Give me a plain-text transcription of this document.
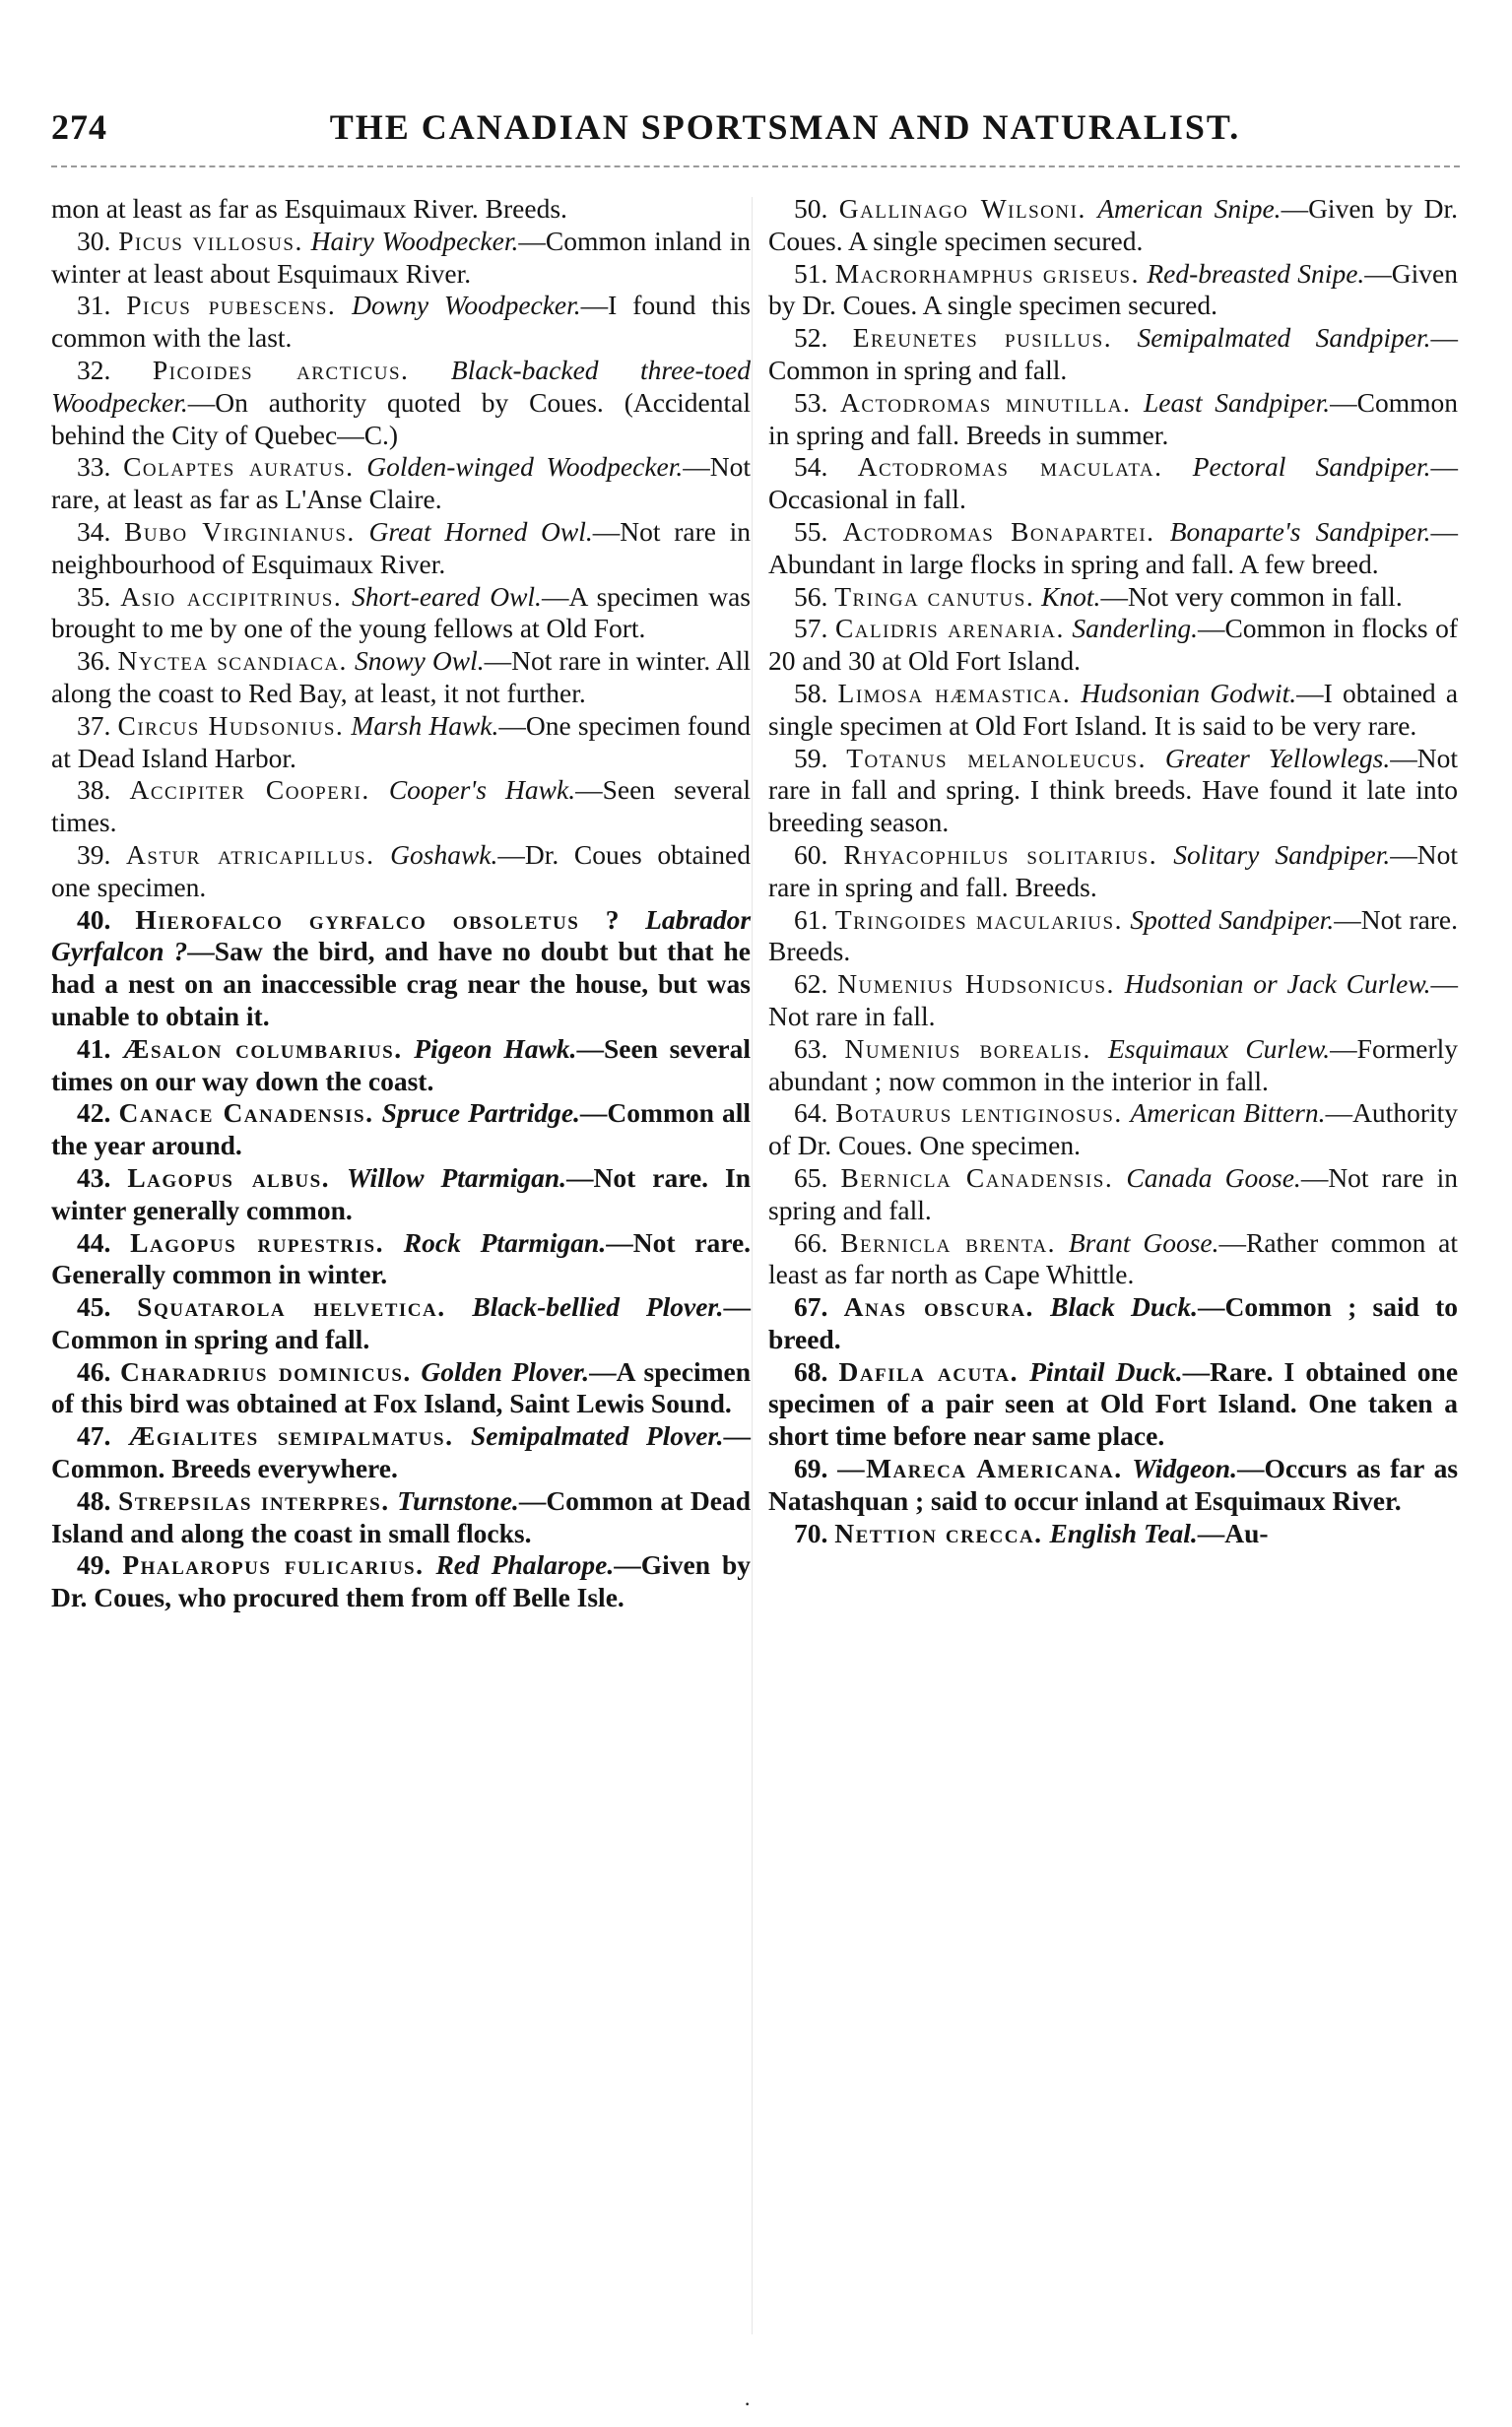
274	THE CANADIAN SPORTSMAN AND NATURALIST.

mon at least as far as Esquimaux River. Breeds.

30. Picus villosus. Hairy Woodpecker.—Common inland in winter at least about Esquimaux River.

31. Picus pubescens. Downy Woodpecker.—I found this common with the last.

32. Picoides arcticus. Black-backed three-toed Woodpecker.—On authority quoted by Coues. (Accidental behind the City of Quebec—C.)

33. Colaptes auratus. Golden-winged Woodpecker.—Not rare, at least as far as L'Anse Claire.

34. Bubo Virginianus. Great Horned Owl.—Not rare in neighbourhood of Esquimaux River.

35. Asio accipitrinus. Short-eared Owl.—A specimen was brought to me by one of the young fellows at Old Fort.

36. Nyctea scandiaca. Snowy Owl.—Not rare in winter. All along the coast to Red Bay, at least, it not further.

37. Circus Hudsonius. Marsh Hawk.—One specimen found at Dead Island Harbor.

38. Accipiter Cooperi. Cooper's Hawk.—Seen several times.

39. Astur atricapillus. Goshawk.—Dr. Coues obtained one specimen.

40. Hierofalco gyrfalco obsoletus ? Labrador Gyrfalcon ?—Saw the bird, and have no doubt but that he had a nest on an inaccessible crag near the house, but was unable to obtain it.

41. Æsalon columbarius. Pigeon Hawk.—Seen several times on our way down the coast.

42. Canace Canadensis. Spruce Partridge.—Common all the year around.

43. Lagopus albus. Willow Ptarmigan.—Not rare. In winter generally common.

44. Lagopus rupestris. Rock Ptarmigan.—Not rare. Generally common in winter.

45. Squatarola helvetica. Black-bellied Plover.—Common in spring and fall.

46. Charadrius dominicus. Golden Plover.—A specimen of this bird was obtained at Fox Island, Saint Lewis Sound.

47. Ægialites semipalmatus. Semipalmated Plover.—Common. Breeds everywhere.

48. Strepsilas interpres. Turnstone.—Common at Dead Island and along the coast in small flocks.

49. Phalaropus fulicarius. Red Phalarope.—Given by Dr. Coues, who procured them from off Belle Isle.

50. Gallinago Wilsoni. American Snipe.—Given by Dr. Coues. A single specimen secured.

51. Macrorhamphus griseus. Red-breasted Snipe.—Given by Dr. Coues. A single specimen secured.

52. Ereunetes pusillus. Semipalmated Sandpiper.—Common in spring and fall.

53. Actodromas minutilla. Least Sandpiper.—Common in spring and fall. Breeds in summer.

54. Actodromas maculata. Pectoral Sandpiper.—Occasional in fall.

55. Actodromas Bonapartei. Bonaparte's Sandpiper.—Abundant in large flocks in spring and fall. A few breed.

56. Tringa canutus. Knot.—Not very common in fall.

57. Calidris arenaria. Sanderling.—Common in flocks of 20 and 30 at Old Fort Island.

58. Limosa hæmastica. Hudsonian Godwit.—I obtained a single specimen at Old Fort Island. It is said to be very rare.

59. Totanus melanoleucus. Greater Yellowlegs.—Not rare in fall and spring. I think breeds. Have found it late into breeding season.

60. Rhyacophilus solitarius. Solitary Sandpiper.—Not rare in spring and fall. Breeds.

61. Tringoides macularius. Spotted Sandpiper.—Not rare. Breeds.

62. Numenius Hudsonicus. Hudsonian or Jack Curlew.—Not rare in fall.

63. Numenius borealis. Esquimaux Curlew.—Formerly abundant ; now common in the interior in fall.

64. Botaurus lentiginosus. American Bittern.—Authority of Dr. Coues. One specimen.

65. Bernicla Canadensis. Canada Goose.—Not rare in spring and fall.

66. Bernicla brenta. Brant Goose.—Rather common at least as far north as Cape Whittle.

67. Anas obscura. Black Duck.—Common ; said to breed.

68. Dafila acuta. Pintail Duck.—Rare. I obtained one specimen of a pair seen at Old Fort Island. One taken a short time before near same place.

69. —Mareca Americana. Widgeon.—Occurs as far as Natashquan ; said to occur inland at Esquimaux River.

70. Nettion crecca. English Teal.—Au-

·
